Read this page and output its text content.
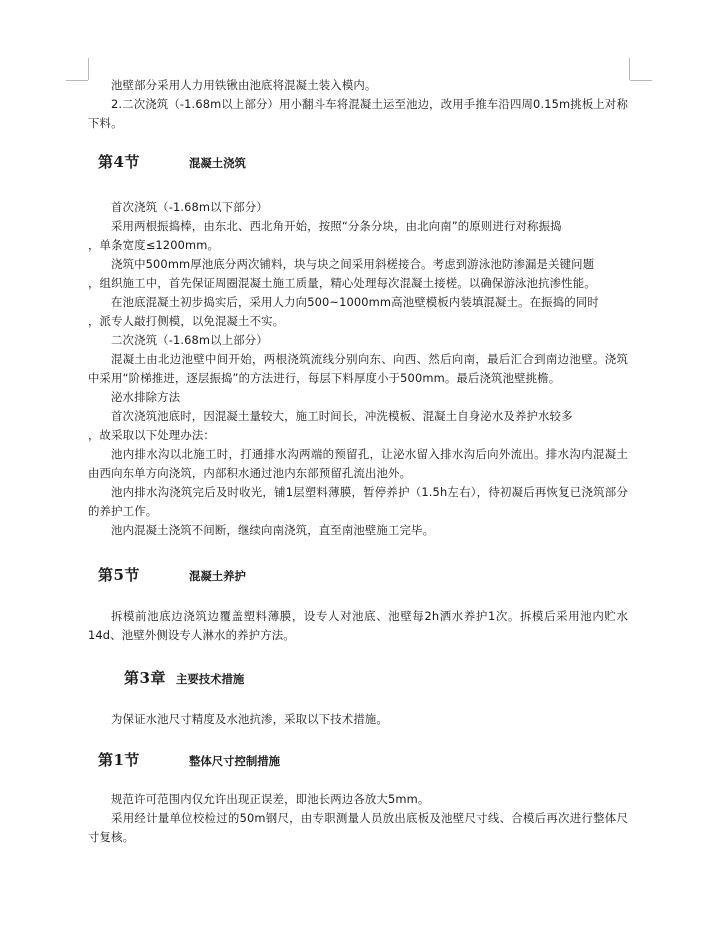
池壁部分采用人力用铁锹由池底将混凝土装入模内。

2.二次浇筑（-1.68m以上部分）用小翻斗车将混凝土运至池边，改用手推车沿四周0.15m挑板上对称下料。

第4节	混凝土浇筑

首次浇筑（-1.68m以下部分）

采用两根振捣棒，由东北、西北角开始，按照“分条分块，由北向南”的原则进行对称振捣
，单条宽度≤1200mm。

浇筑中500mm厚池底分两次铺料，块与块之间采用斜槎接合。考虑到游泳池防渗漏是关键问题
，组织施工中，首先保证周圈混凝土施工质量，精心处理每次混凝土接槎。以确保游泳池抗渗性能。

在池底混凝土初步捣实后，采用人力向500~1000mm高池壁模板内装填混凝土。在振捣的同时
，派专人敲打侧模，以免混凝土不实。

二次浇筑（-1.68m以上部分）

混凝土由北边池壁中间开始，两根浇筑流线分别向东、向西、然后向南，最后汇合到南边池壁。浇筑中采用“阶梯推进，逐层振捣”的方法进行，每层下料厚度小于500mm。最后浇筑池壁挑檐。

泌水排除方法

首次浇筑池底时，因混凝土量较大，施工时间长，冲洗模板、混凝土自身泌水及养护水较多
，故采取以下处理办法：

池内排水沟以北施工时，打通排水沟两端的预留孔，让泌水留入排水沟后向外流出。排水沟内混凝土由西向东单方向浇筑，内部积水通过池内东部预留孔流出池外。

池内排水沟浇筑完后及时收光，铺1层塑料薄膜，暂停养护（1.5h左右），待初凝后再恢复已浇筑部分的养护工作。

池内混凝土浇筑不间断，继续向南浇筑，直至南池壁施工完毕。

第5节	混凝土养护

拆模前池底边浇筑边覆盖塑料薄膜，设专人对池底、池壁每2h洒水养护1次。拆模后采用池内贮水14d、池壁外侧设专人淋水的养护方法。

第3章 主要技术措施

为保证水池尺寸精度及水池抗渗，采取以下技术措施。

第1节	整体尺寸控制措施

规范许可范围内仅允许出现正误差，即池长两边各放大5mm。

采用经计量单位校检过的50m钢尺，由专职测量人员放出底板及池壁尺寸线、合模后再次进行整体尺寸复核。
